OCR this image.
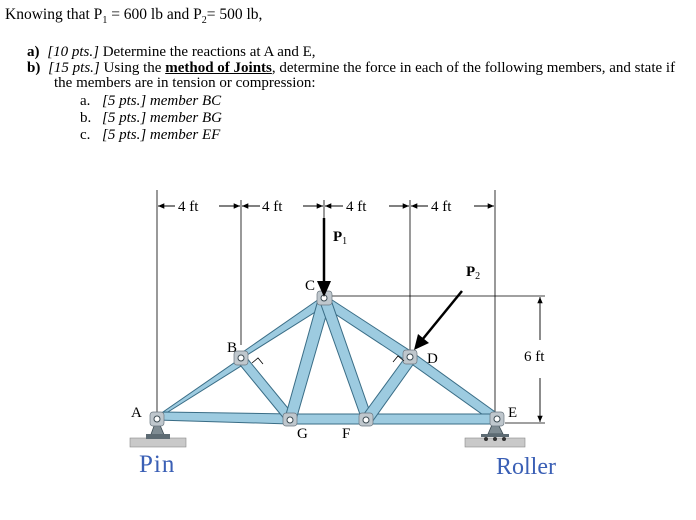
Knowing that $P_1 = 600$ lb and $P_2= 500$ lb,
a) [10 pts.] Determine the reactions at A and E,
b) [15 pts.] Using the method of Joints, determine the force in each of the following members, and state if
the members are in tension or compression:
a. [5 pts.] member BC
b. [5 pts.] member BG
c. [5 pts.] member EF
4 ft	4 ft	4 ft	4 ft
6 ft
$P_1$
$P_2$
A
B
C
D
E
F
G
Pin	Roller
